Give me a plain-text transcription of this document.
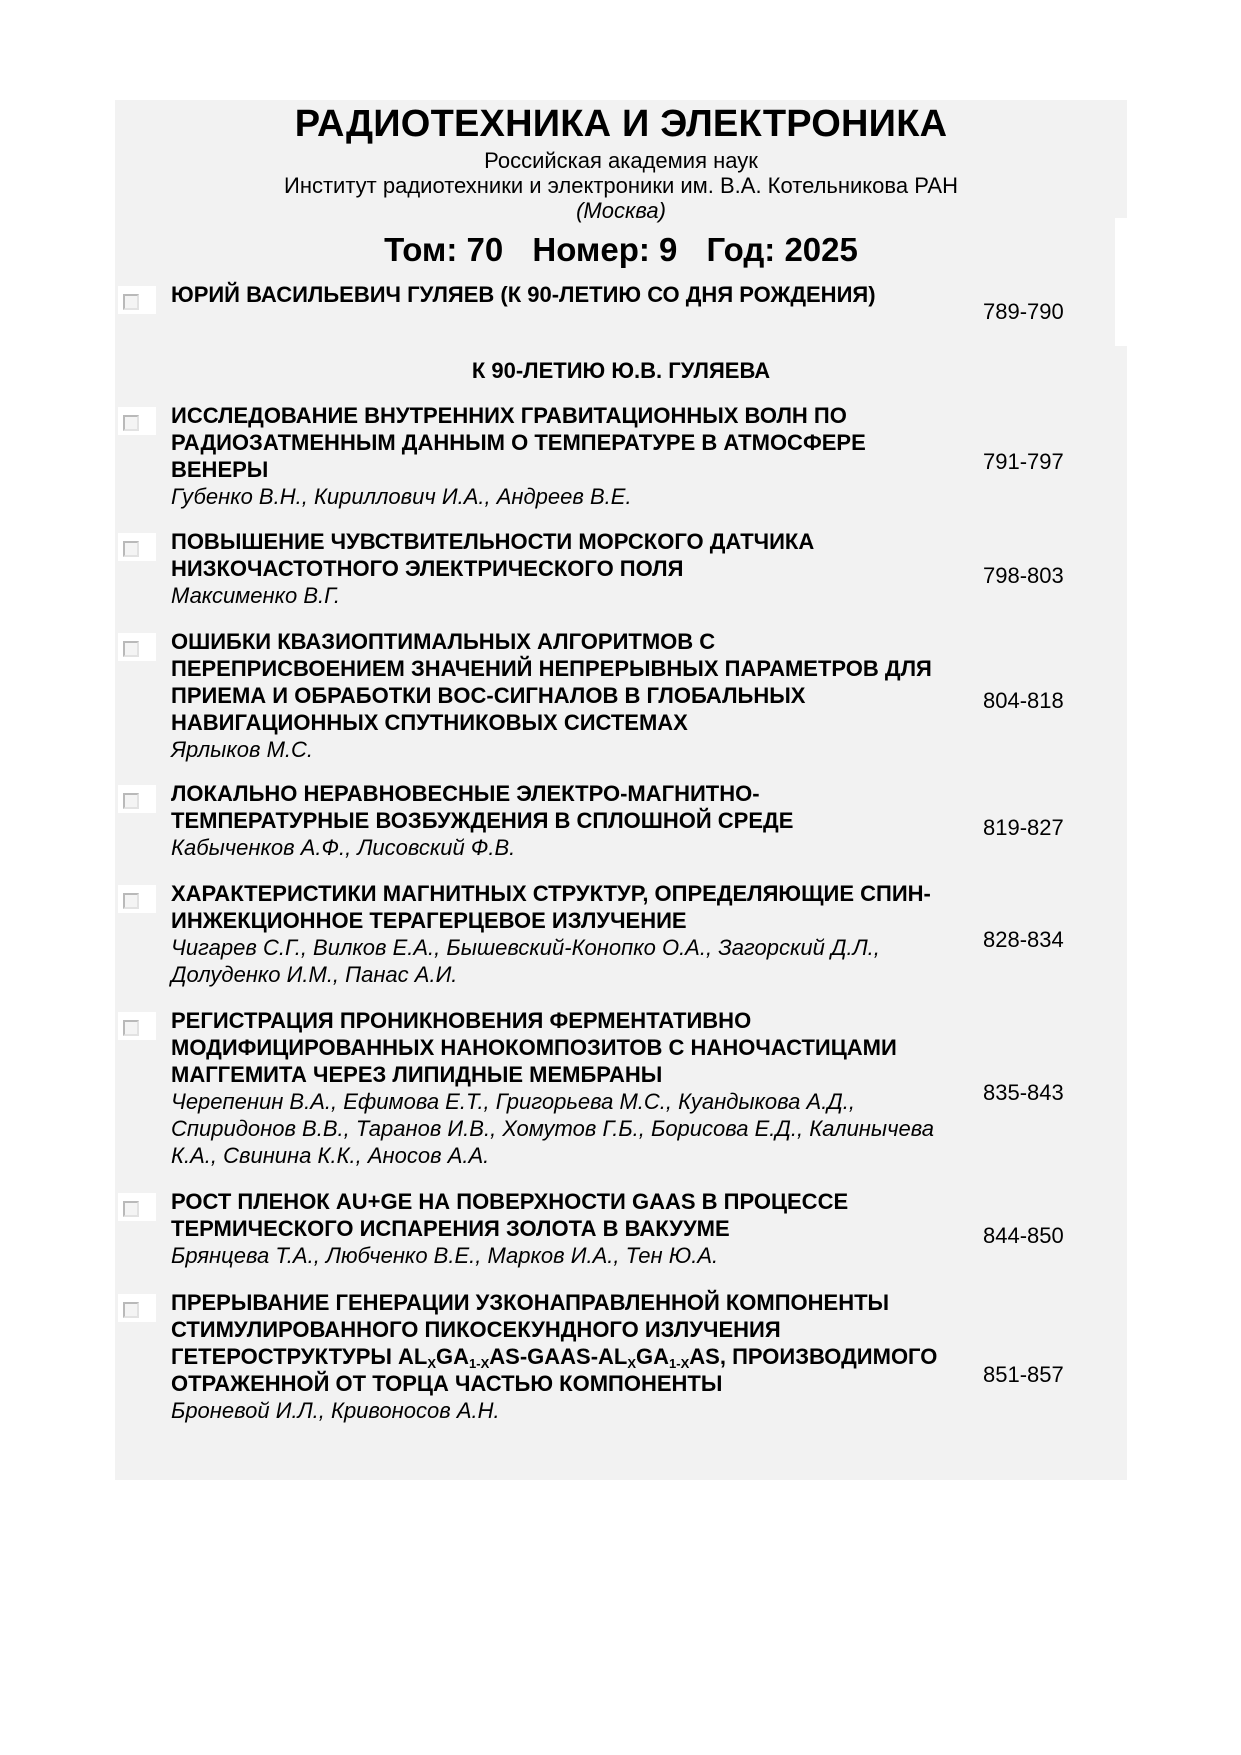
РАДИОТЕХНИКА И ЭЛЕКТРОНИКА
Российская академия наук
Институт радиотехники и электроники им. В.А. Котельникова РАН
(Москва)
Том: 70 Номер: 9 Год: 2025
ЮРИЙ ВАСИЛЬЕВИЧ ГУЛЯЕВ (К 90-ЛЕТИЮ СО ДНЯ РОЖДЕНИЯ)
789-790
К 90-ЛЕТИЮ Ю.В. ГУЛЯЕВА
ИССЛЕДОВАНИЕ ВНУТРЕННИХ ГРАВИТАЦИОННЫХ ВОЛН ПО РАДИОЗАТМЕННЫМ ДАННЫМ О ТЕМПЕРАТУРЕ В АТМОСФЕРЕ ВЕНЕРЫ
Губенко В.Н., Кириллович И.А., Андреев В.Е.
791-797
ПОВЫШЕНИЕ ЧУВСТВИТЕЛЬНОСТИ МОРСКОГО ДАТЧИКА НИЗКОЧАСТОТНОГО ЭЛЕКТРИЧЕСКОГО ПОЛЯ
Максименко В.Г.
798-803
ОШИБКИ КВАЗИОПТИМАЛЬНЫХ АЛГОРИТМОВ С ПЕРЕПРИСВОЕНИЕМ ЗНАЧЕНИЙ НЕПРЕРЫВНЫХ ПАРАМЕТРОВ ДЛЯ ПРИЕМА И ОБРАБОТКИ BOC-СИГНАЛОВ В ГЛОБАЛЬНЫХ НАВИГАЦИОННЫХ СПУТНИКОВЫХ СИСТЕМАХ
Ярлыков М.С.
804-818
ЛОКАЛЬНО НЕРАВНОВЕСНЫЕ ЭЛЕКТРО-МАГНИТНО-ТЕМПЕРАТУРНЫЕ ВОЗБУЖДЕНИЯ В СПЛОШНОЙ СРЕДЕ
Кабыченков А.Ф., Лисовский Ф.В.
819-827
ХАРАКТЕРИСТИКИ МАГНИТНЫХ СТРУКТУР, ОПРЕДЕЛЯЮЩИЕ СПИН-ИНЖЕКЦИОННОЕ ТЕРАГЕРЦЕВОЕ ИЗЛУЧЕНИЕ
Чигарев С.Г., Вилков Е.А., Бышевский-Конопко О.А., Загорский Д.Л., Долуденко И.М., Панас А.И.
828-834
РЕГИСТРАЦИЯ ПРОНИКНОВЕНИЯ ФЕРМЕНТАТИВНО МОДИФИЦИРОВАННЫХ НАНОКОМПОЗИТОВ С НАНОЧАСТИЦАМИ МАГГЕМИТА ЧЕРЕЗ ЛИПИДНЫЕ МЕМБРАНЫ
Черепенин В.А., Ефимова Е.Т., Григорьева М.С., Куандыкова А.Д., Спиридонов В.В., Таранов И.В., Хомутов Г.Б., Борисова Е.Д., Калинычева К.А., Свинина К.К., Аносов А.А.
835-843
РОСТ ПЛЕНОК AU+GE НА ПОВЕРХНОСТИ GAAS В ПРОЦЕССЕ ТЕРМИЧЕСКОГО ИСПАРЕНИЯ ЗОЛОТА В ВАКУУМЕ
Брянцева Т.А., Любченко В.Е., Марков И.А., Тен Ю.А.
844-850
ПРЕРЫВАНИЕ ГЕНЕРАЦИИ УЗКОНАПРАВЛЕННОЙ КОМПОНЕНТЫ СТИМУЛИРОВАННОГО ПИКОСЕКУНДНОГО ИЗЛУЧЕНИЯ ГЕТЕРОСТРУКТУРЫ $AL_XGA_{1-X}AS-GAAS-AL_XGA_{1-X}AS$, ПРОИЗВОДИМОГО ОТРАЖЕННОЙ ОТ ТОРЦА ЧАСТЬЮ КОМПОНЕНТЫ
Броневой И.Л., Кривоносов А.Н.
851-857
